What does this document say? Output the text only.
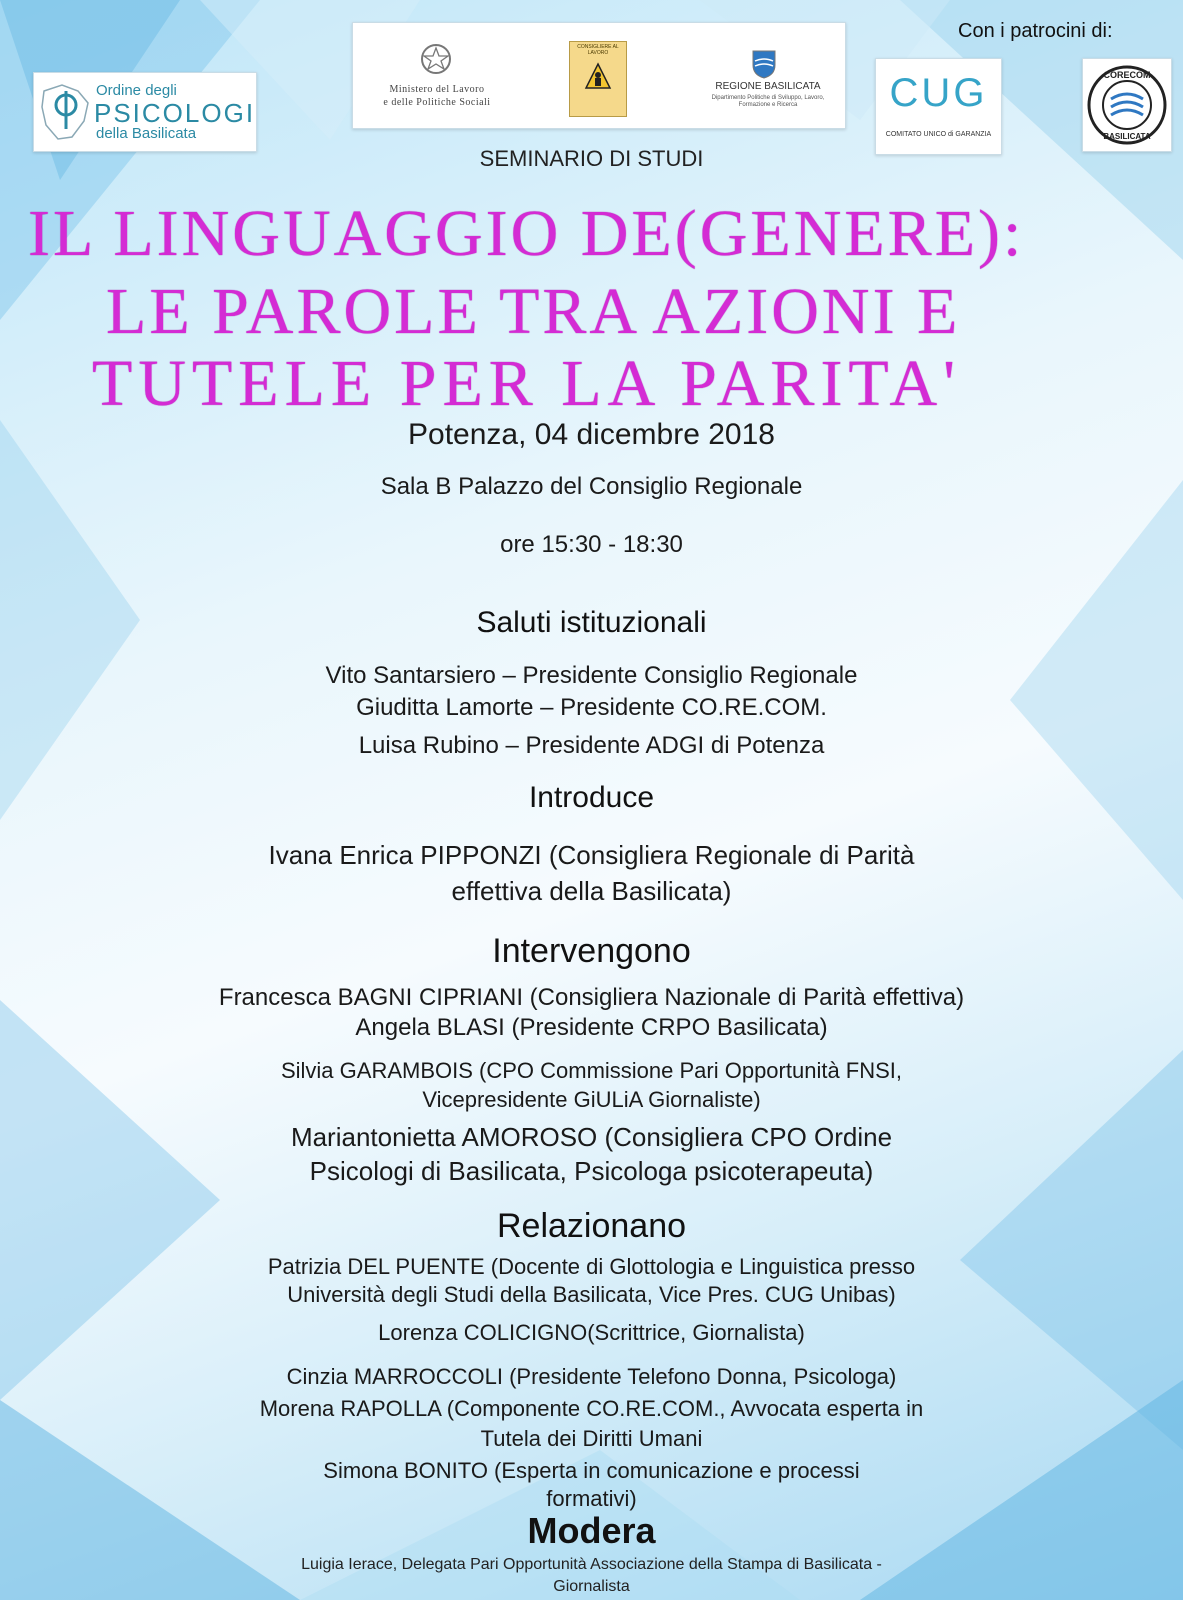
Ordine degli
PSICOLOGI
della Basilicata
Ministero del Lavoro
e delle Politiche Sociali
CONSIGLIERE AL LAVORO
REGIONE BASILICATA
Dipartimento Politiche di Sviluppo, Lavoro, Formazione e Ricerca
Con i patrocini di:
CUG
COMITATO UNICO di GARANZIA
CORECOM
BASILICATA
SEMINARIO DI STUDI
IL LINGUAGGIO DE(GENERE):
LE PAROLE TRA AZIONI E
TUTELE PER LA PARITA'
Potenza, 04 dicembre 2018
Sala B Palazzo del Consiglio Regionale
ore 15:30 - 18:30
Saluti istituzionali
Vito Santarsiero – Presidente Consiglio Regionale
Giuditta Lamorte – Presidente CO.RE.COM.
Luisa Rubino – Presidente ADGI di Potenza
Introduce
Ivana Enrica PIPPONZI (Consigliera Regionale di Parità
effettiva della Basilicata)
Intervengono
Francesca BAGNI CIPRIANI (Consigliera Nazionale di Parità effettiva)
Angela BLASI (Presidente CRPO Basilicata)
Silvia GARAMBOIS (CPO Commissione Pari Opportunità FNSI,
Vicepresidente GiULiA Giornaliste)
Mariantonietta AMOROSO (Consigliera CPO Ordine
Psicologi di Basilicata, Psicologa psicoterapeuta)
Relazionano
Patrizia DEL PUENTE (Docente di Glottologia e Linguistica presso
Università degli Studi della Basilicata, Vice Pres. CUG Unibas)
Lorenza COLICIGNO(Scrittrice, Giornalista)
Cinzia MARROCCOLI (Presidente Telefono Donna, Psicologa)
Morena RAPOLLA (Componente CO.RE.COM., Avvocata esperta in
Tutela dei Diritti Umani
Simona BONITO (Esperta in comunicazione e processi
formativi)
Modera
Luigia Ierace, Delegata Pari Opportunità Associazione della Stampa di Basilicata -
Giornalista
